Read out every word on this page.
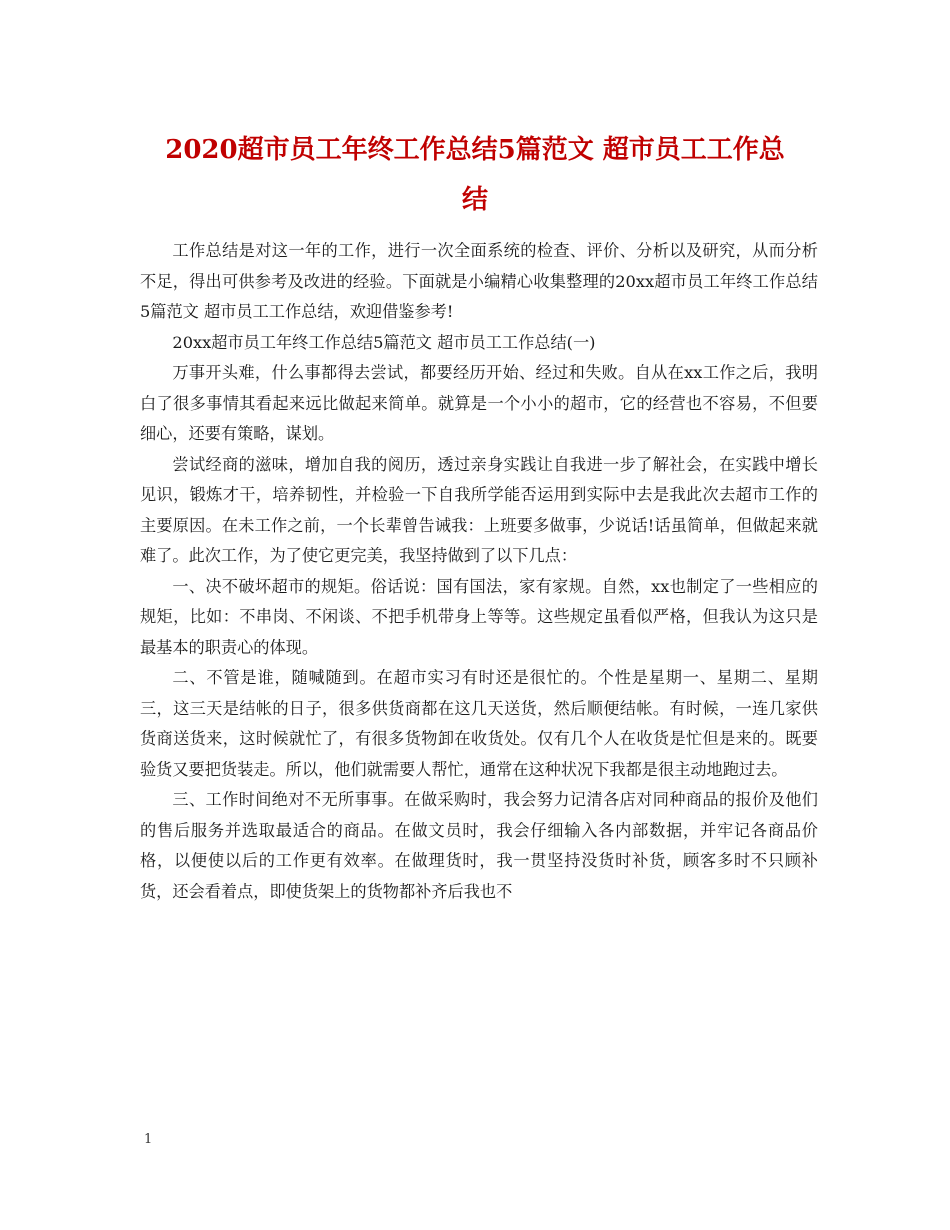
2020超市员工年终工作总结5篇范文 超市员工工作总
结

工作总结是对这一年的工作，进行一次全面系统的检查、评价、分析以及研究，从而分析不足，得出可供参考及改进的经验。下面就是小编精心收集整理的20xx超市员工年终工作总结5篇范文 超市员工工作总结，欢迎借鉴参考!

20xx超市员工年终工作总结5篇范文 超市员工工作总结(一)

万事开头难，什么事都得去尝试，都要经历开始、经过和失败。自从在xx工作之后，我明白了很多事情其看起来远比做起来简单。就算是一个小小的超市，它的经营也不容易，不但要细心，还要有策略，谋划。

尝试经商的滋味，增加自我的阅历，透过亲身实践让自我进一步了解社会，在实践中增长见识，锻炼才干，培养韧性，并检验一下自我所学能否运用到实际中去是我此次去超市工作的主要原因。在未工作之前，一个长辈曾告诫我：上班要多做事，少说话!话虽简单，但做起来就难了。此次工作，为了使它更完美，我坚持做到了以下几点：

一、决不破坏超市的规矩。俗话说：国有国法，家有家规。自然，xx也制定了一些相应的规矩，比如：不串岗、不闲谈、不把手机带身上等等。这些规定虽看似严格，但我认为这只是最基本的职责心的体现。

二、不管是谁，随喊随到。在超市实习有时还是很忙的。个性是星期一、星期二、星期三，这三天是结帐的日子，很多供货商都在这几天送货，然后顺便结帐。有时候，一连几家供货商送货来，这时候就忙了，有很多货物卸在收货处。仅有几个人在收货是忙但是来的。既要验货又要把货装走。所以，他们就需要人帮忙，通常在这种状况下我都是很主动地跑过去。

三、工作时间绝对不无所事事。在做采购时，我会努力记清各店对同种商品的报价及他们的售后服务并选取最适合的商品。在做文员时，我会仔细输入各内部数据，并牢记各商品价格，以便使以后的工作更有效率。在做理货时，我一贯坚持没货时补货，顾客多时不只顾补货，还会看着点，即使货架上的货物都补齐后我也不

1
